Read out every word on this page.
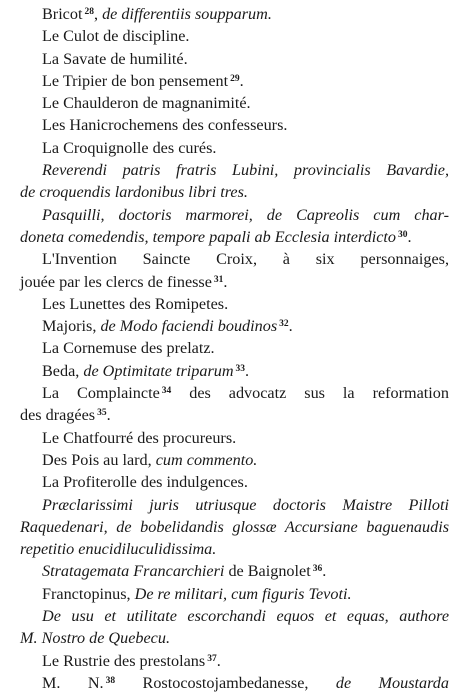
Bricot $^{28}$, de differentiis soupparum.
Le Culot de discipline.
La Savate de humilité.
Le Tripier de bon pensement $^{29}$.
Le Chaulderon de magnanimité.
Les Hanicrochemens des confesseurs.
La Croquignolle des curés.
Reverendi patris fratris Lubini, provincialis Bavardie,
de croquendis lardonibus libri tres.
Pasquilli, doctoris marmorei, de Capreolis cum char-
doneta comedendis, tempore papali ab Ecclesia interdicto $^{30}$.
L'Invention Saincte Croix, à six personnaiges,
jouée par les clercs de finesse $^{31}$.
Les Lunettes des Romipetes.
Majoris, de Modo faciendi boudinos $^{32}$.
La Cornemuse des prelatz.
Beda, de Optimitate triparum $^{33}$.
La Complaincte $^{34}$ des advocatz sus la reformation
des dragées $^{35}$.
Le Chatfourré des procureurs.
Des Pois au lard, cum commento.
La Profiterolle des indulgences.
Præclarissimi juris utriusque doctoris Maistre Pilloti
Raquedenari, de bobelidandis glossæ Accursiane baguenaudis
repetitio enucidiluculidissima.
Stratagemata Francarchieri de Baignolet $^{36}$.
Franctopinus, De re militari, cum figuris Tevoti.
De usu et utilitate escorchandi equos et equas, authore
M. Nostro de Quebecu.
Le Rustrie des prestolans $^{37}$.
M. N. $^{38}$ Rostocostojambedanesse, de Moustarda
